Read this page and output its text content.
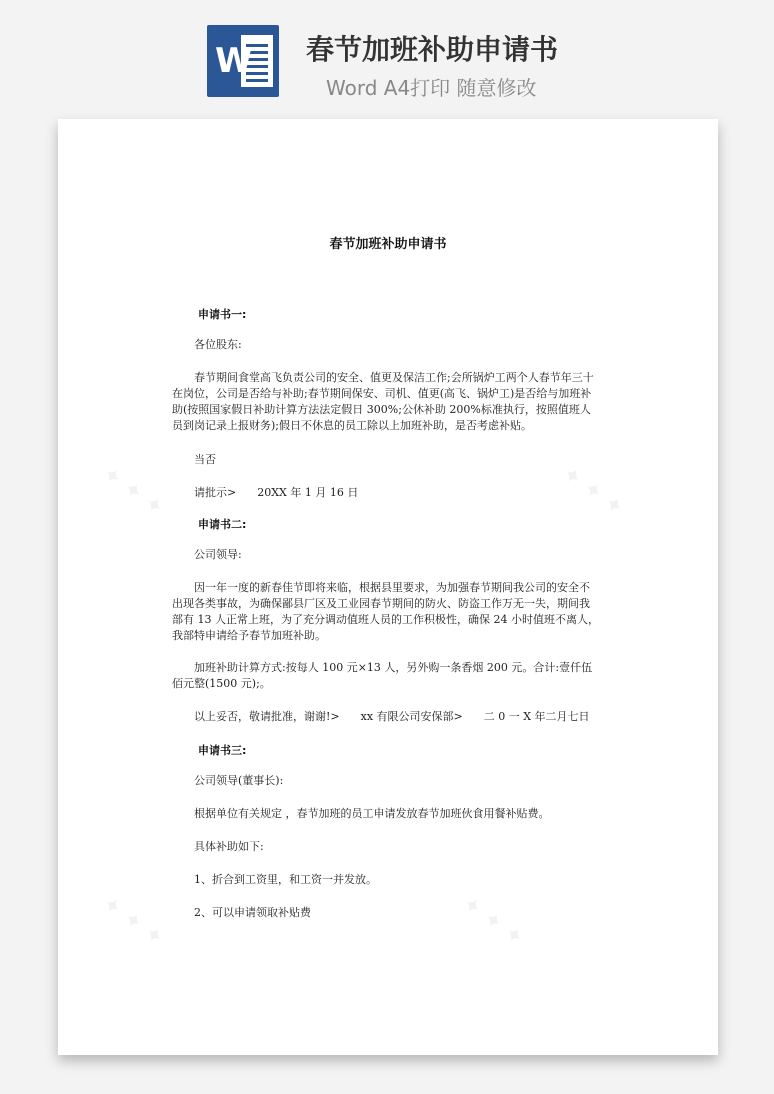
W 春节加班补助申请书
Word A4打印 随意修改
✦ ✦ ✦	✦ ✦ ✦
✦ ✦ ✦	✦ ✦ ✦
春节加班补助申请书
申请书一:

各位股东:

春节期间食堂高飞负责公司的安全、值更及保洁工作;会所锅炉工两个人春节年三十在岗位，公司是否给与补助;春节期间保安、司机、值更(高飞、锅炉工)是否给与加班补助(按照国家假日补助计算方法法定假日 300%;公休补助 200%标准执行，按照值班人员到岗记录上报财务);假日不休息的员工除以上加班补助，是否考虑补贴。

当否

请批示>      20XX 年 1 月 16 日

申请书二:

公司领导:

因一年一度的新春佳节即将来临，根据县里要求，为加强春节期间我公司的安全不出现各类事故，为确保鄙县厂区及工业园春节期间的防火、防盗工作万无一失，期间我部有 13 人正常上班，为了充分调动值班人员的工作积极性，确保 24 小时值班不离人，我部特申请给予春节加班补助。

加班补助计算方式:按每人 100 元×13 人，另外购一条香烟 200 元。合计:壹仟伍佰元整(1500 元);。

以上妥否，敬请批准，谢谢!>      xx 有限公司安保部>      二 0 一 X 年二月七日

申请书三:

公司领导(董事长):

根据单位有关规定 ，春节加班的员工申请发放春节加班伙食用餐补贴费。

具体补助如下:

1、折合到工资里，和工资一并发放。

2、可以申请领取补贴费
